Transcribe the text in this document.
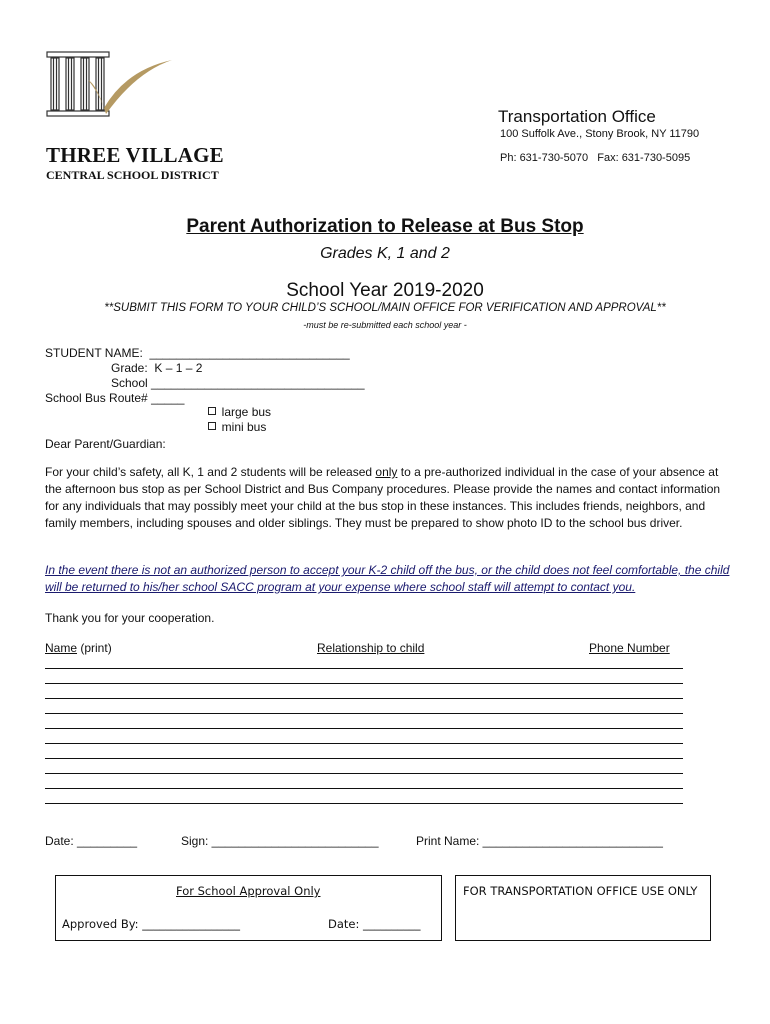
THREE VILLAGE
CENTRAL SCHOOL DISTRICT
Transportation Office
100 Suffolk Ave., Stony Brook, NY 11790
Ph: 631-730-5070   Fax: 631-730-5095
Parent Authorization to Release at Bus Stop
Grades K, 1 and 2
School Year 2019-2020
**SUBMIT THIS FORM TO YOUR CHILD’S SCHOOL/MAIN OFFICE FOR VERIFICATION AND APPROVAL**
-must be re-submitted each school year -
STUDENT NAME:  ______________________________
Grade:  K – 1 – 2
School ________________________________
School Bus Route# _____

large bus

mini bus

Dear Parent/Guardian:
For your child’s safety, all K, 1 and 2 students will be released only to a pre-authorized individual in the case of your absence at the afternoon bus stop as per School District and Bus Company procedures. Please provide the names and contact information for any individuals that may possibly meet your child at the bus stop in these instances. This includes friends, neighbors, and family members, including spouses and older siblings. They must be prepared to show photo ID to the school bus driver.
In the event there is not an authorized person to accept your K-2 child off the bus, or the child does not feel comfortable, the child will be returned to his/her school SACC program at your expense where school staff will attempt to contact you.
Thank you for your cooperation.
Name (print)	Relationship to child	Phone Number
Date: _________	Sign: _________________________	Print Name: ___________________________
For School Approval Only
Approved By: _________________	Date: __________
FOR TRANSPORTATION OFFICE USE ONLY
